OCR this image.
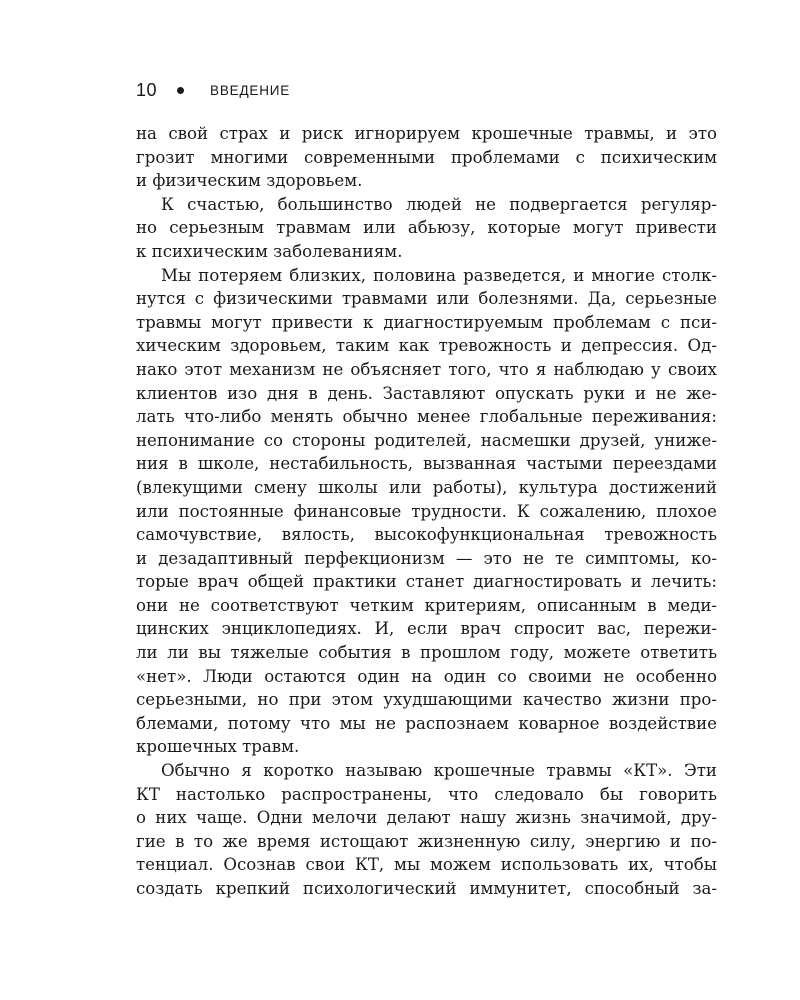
10	ВВЕДЕНИЕ
на свой страх и риск игнорируем крошечные травмы, и это
грозит многими современными проблемами с психическим
и физическим здоровьем.
К счастью, большинство людей не подвергается регуляр-
но серьезным травмам или абьюзу, которые могут привести
к психическим заболеваниям.
Мы потеряем близких, половина разведется, и многие столк-
нутся с физическими травмами или болезнями. Да, серьезные
травмы могут привести к диагностируемым проблемам с пси-
хическим здоровьем, таким как тревожность и депрессия. Од-
нако этот механизм не объясняет того, что я наблюдаю у своих
клиентов изо дня в день. Заставляют опускать руки и не же-
лать что-либо менять обычно менее глобальные переживания:
непонимание со стороны родителей, насмешки друзей, униже-
ния в школе, нестабильность, вызванная частыми переездами
(влекущими смену школы или работы), культура достижений
или постоянные финансовые трудности. К сожалению, плохое
самочувствие, вялость, высокофункциональная тревожность
и дезадаптивный перфекционизм — это не те симптомы, ко-
торые врач общей практики станет диагностировать и лечить:
они не соответствуют четким критериям, описанным в меди-
цинских энциклопедиях. И, если врач спросит вас, пережи-
ли ли вы тяжелые события в прошлом году, можете ответить
«нет». Люди остаются один на один со своими не особенно
серьезными, но при этом ухудшающими качество жизни про-
блемами, потому что мы не распознаем коварное воздействие
крошечных травм.
Обычно я коротко называю крошечные травмы «КТ». Эти
КТ настолько распространены, что следовало бы говорить
о них чаще. Одни мелочи делают нашу жизнь значимой, дру-
гие в то же время истощают жизненную силу, энергию и по-
тенциал. Осознав свои КТ, мы можем использовать их, чтобы
создать крепкий психологический иммунитет, способный за-
